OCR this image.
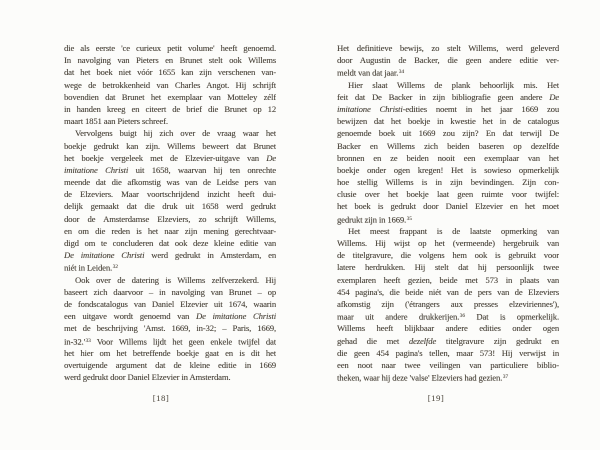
die als eerste 'ce curieux petit volume' heeft genoemd.
In navolging van Pieters en Brunet stelt ook Willems
dat het boek niet vóór 1655 kan zijn verschenen van-
wege de betrokkenheid van Charles Angot. Hij schrijft
bovendien dat Brunet het exemplaar van Motteley zélf
in handen kreeg en citeert de brief die Brunet op 12
maart 1851 aan Pieters schreef.
Vervolgens buigt hij zich over de vraag waar het
boekje gedrukt kan zijn. Willems beweert dat Brunet
het boekje vergeleek met de Elzevier-uitgave van De
imitatione Christi uit 1658, waarvan hij ten onrechte
meende dat die afkomstig was van de Leidse pers van
de Elzeviers. Maar voortschrijdend inzicht heeft dui-
delijk gemaakt dat die druk uit 1658 werd gedrukt
door de Amsterdamse Elzeviers, zo schrijft Willems,
en om die reden is het naar zijn mening gerechtvaar-
digd om te concluderen dat ook deze kleine editie van
De imitatione Christi werd gedrukt in Amsterdam, en
niét in Leiden.$^{32}$
Ook over de datering is Willems zelfverzekerd. Hij
baseert zich daarvoor – in navolging van Brunet – op
de fondscatalogus van Daniel Elzevier uit 1674, waarin
een uitgave wordt genoemd van De imitatione Christi
met de beschrijving 'Amst. 1669, in-32; – Paris, 1669,
in-32.'$^{33}$ Voor Willems lijdt het geen enkele twijfel dat
het hier om het betreffende boekje gaat en is dit het
overtuigende argument dat de kleine editie in 1669
werd gedrukt door Daniel Elzevier in Amsterdam.
Het definitieve bewijs, zo stelt Willems, werd geleverd
door Augustin de Backer, die geen andere editie ver-
meldt van dat jaar.$^{34}$
Hier slaat Willems de plank behoorlijk mis. Het
feit dat De Backer in zijn bibliografie geen andere De
imitatione Christi-edities noemt in het jaar 1669 zou
bewijzen dat het boekje in kwestie het in de catalogus
genoemde boek uit 1669 zou zijn? En dat terwijl De
Backer en Willems zich beiden baseren op dezelfde
bronnen en ze beiden nooit een exemplaar van het
boekje onder ogen kregen! Het is sowieso opmerkelijk
hoe stellig Willems is in zijn bevindingen. Zijn con-
clusie over het boekje laat geen ruimte voor twijfel:
het boek is gedrukt door Daniel Elzevier en het moet
gedrukt zijn in 1669.35
Het meest frappant is de laatste opmerking van
Willems. Hij wijst op het (vermeende) hergebruik van
de titelgravure, die volgens hem ook is gebruikt voor
latere herdrukken. Hij stelt dat hij persoonlijk twee
exemplaren heeft gezien, beide met 573 in plaats van
454 pagina's, die beide niét van de pers van de Elzeviers
afkomstig zijn ('étrangers aux presses elzeviriennes'),
maar uit andere drukkerijen.$^{36}$ Dat is opmerkelijk.
Willems heeft blijkbaar andere edities onder ogen
gehad die met dezelfde titelgravure zijn gedrukt en
die geen 454 pagina's tellen, maar 573! Hij verwijst in
een noot naar twee veilingen van particuliere biblio-
theken, waar hij deze 'valse' Elzeviers had gezien.$^{37}$
[18]	[19]
